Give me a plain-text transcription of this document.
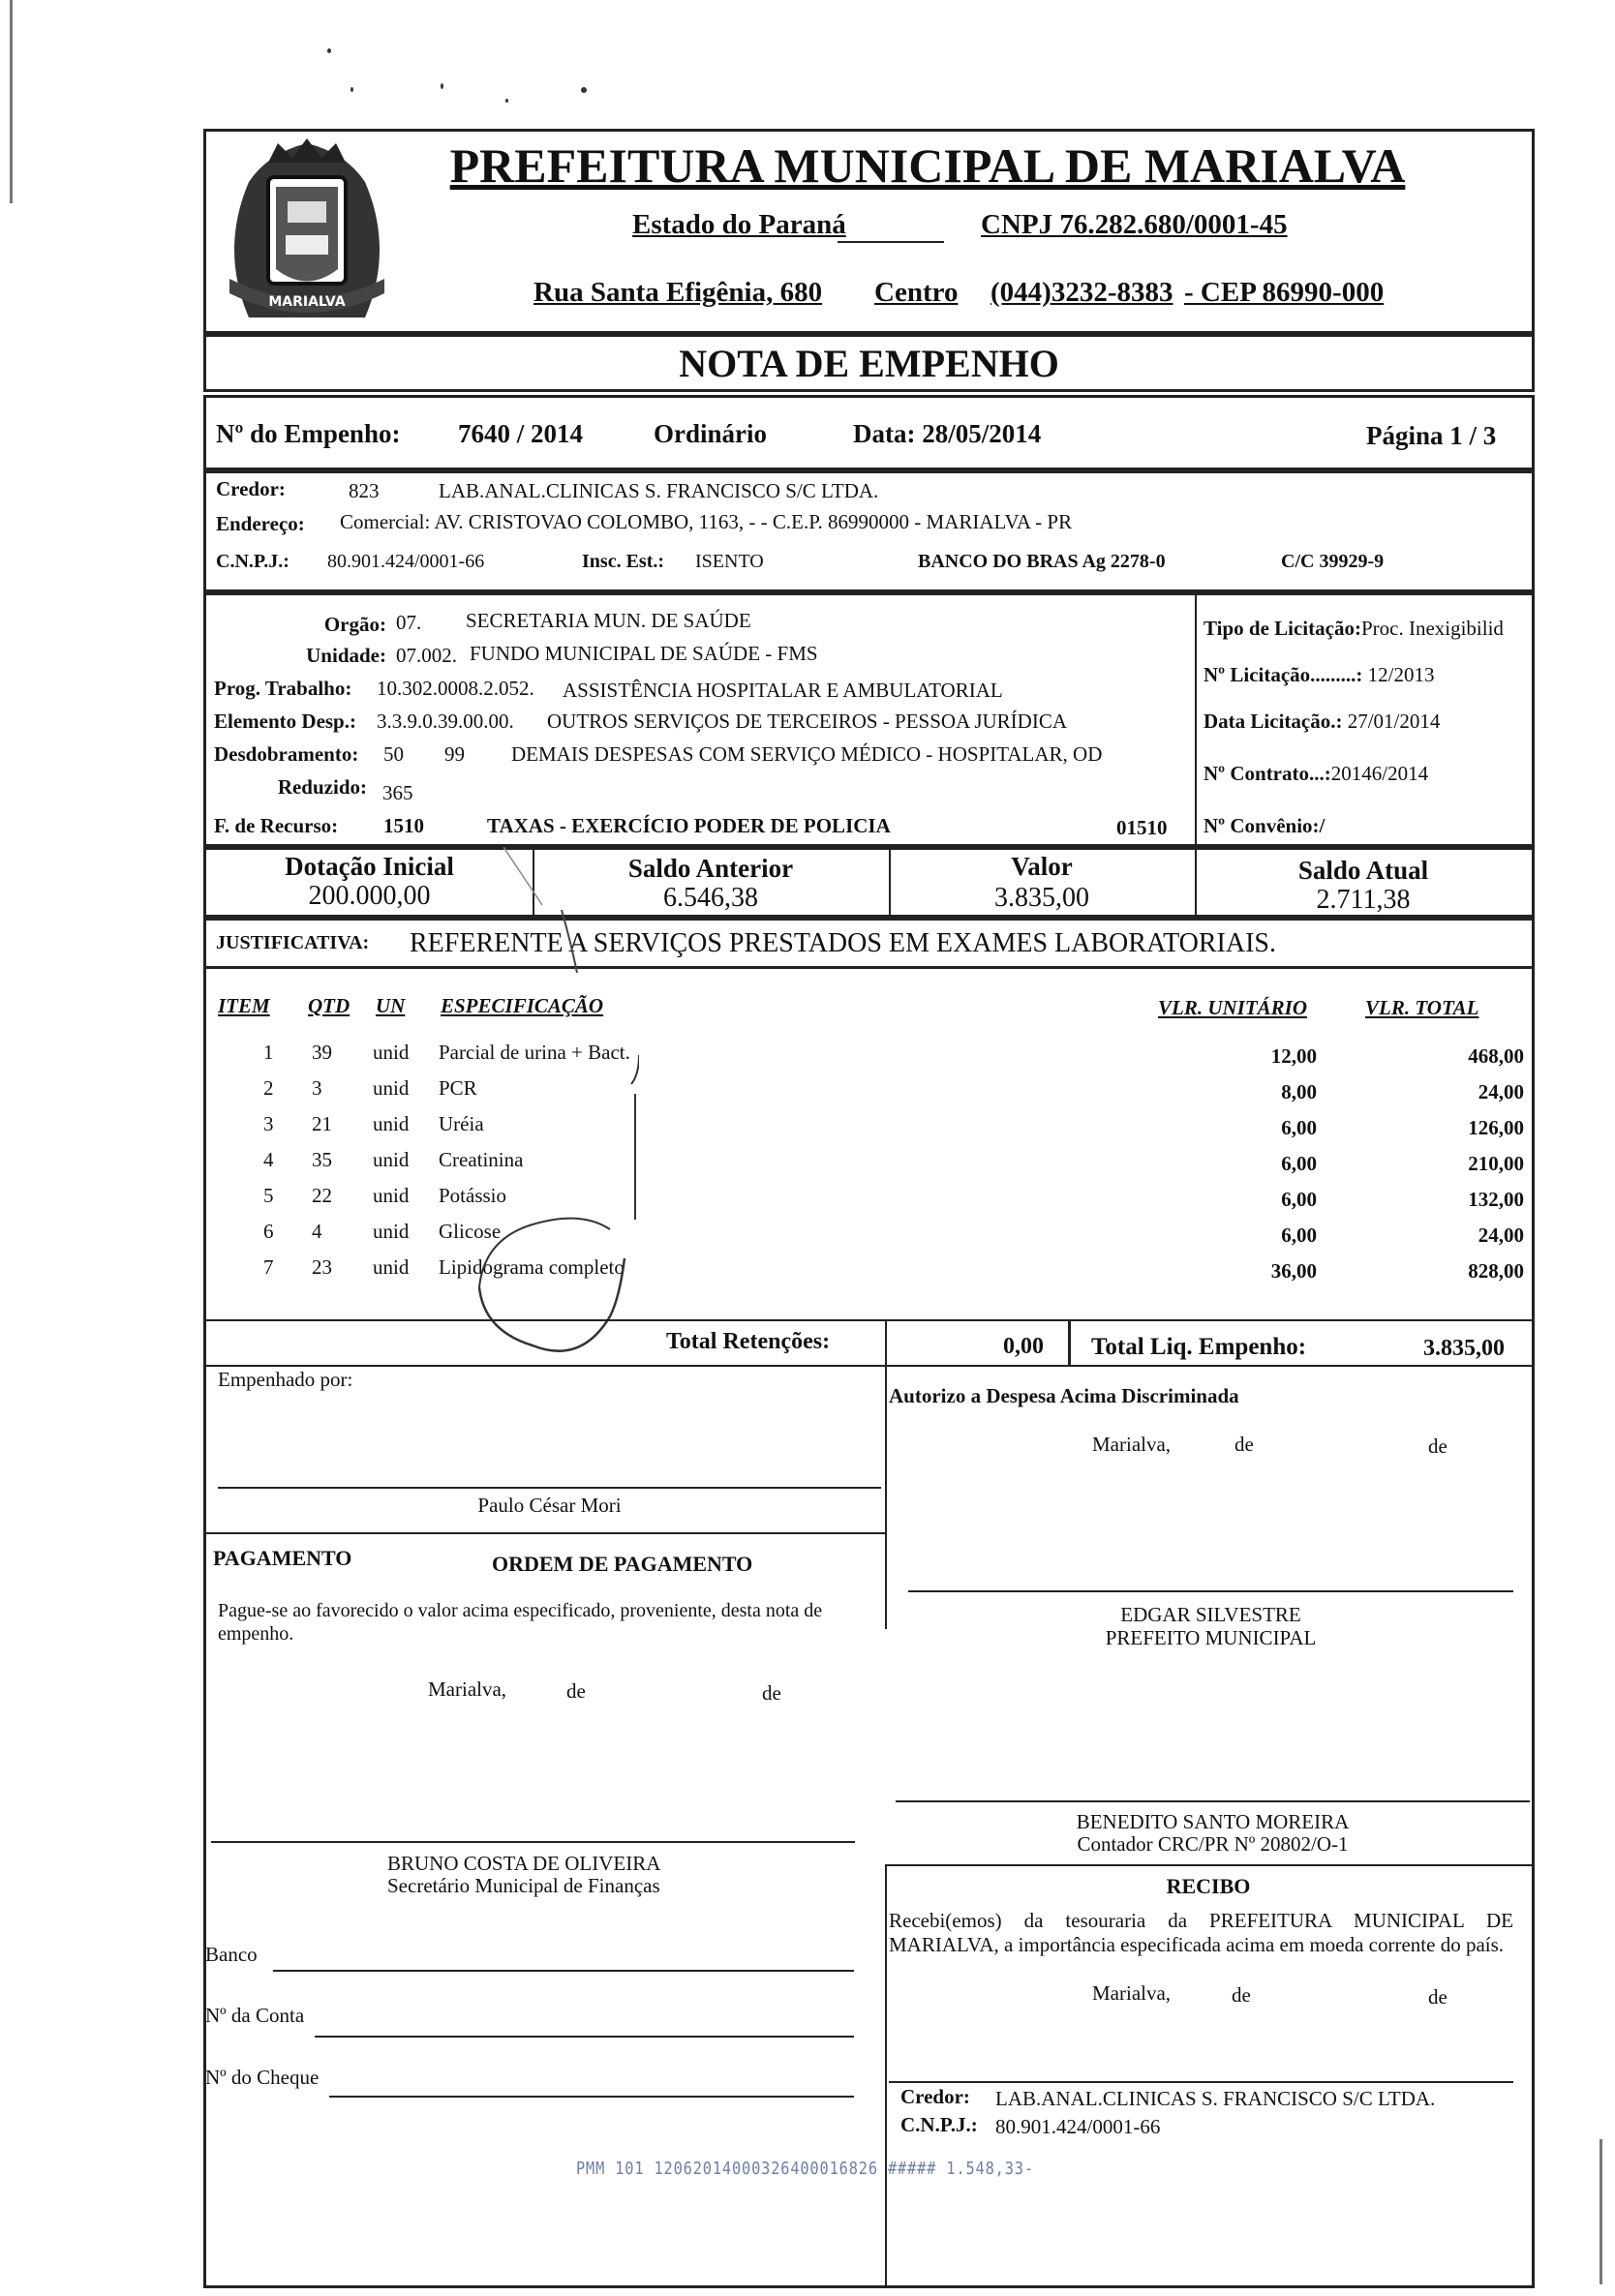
MARIALVA
PREFEITURA MUNICIPAL DE MARIALVA
Estado do Paraná	CNPJ 76.282.680/0001-45
Rua Santa Efigênia, 680 Centro (044)3232-8383 - CEP 86990-000
NOTA DE EMPENHO
Nº do Empenho: 7640 / 2014	Ordinário	Data: 28/05/2014	Página 1 / 3
Credor:	823	LAB.ANAL.CLINICAS S. FRANCISCO S/C LTDA.
Endereço: Comercial: AV. CRISTOVAO COLOMBO, 1163, - - C.E.P. 86990000 - MARIALVA - PR
C.N.P.J.: 80.901.424/0001-66	Insc. Est.: ISENTO	BANCO DO BRAS Ag 2278-0	C/C 39929-9
Orgão: 07. SECRETARIA MUN. DE SAÚDE
Unidade: 07.002. FUNDO MUNICIPAL DE SAÚDE - FMS
Prog. Trabalho: 10.302.0008.2.052. ASSISTÊNCIA HOSPITALAR E AMBULATORIAL
Elemento Desp.: 3.3.9.0.39.00.00. OUTROS SERVIÇOS DE TERCEIROS - PESSOA JURÍDICA
Desdobramento: 50 99 DEMAIS DESPESAS COM SERVIÇO MÉDICO - HOSPITALAR, OD
Reduzido: 365
F. de Recurso: 1510	TAXAS - EXERCÍCIO PODER DE POLICIA	01510
Tipo de Licitação:Proc. Inexigibilid
Nº Licitação.........: 12/2013
Data Licitação.: 27/01/2014
Nº Contrato...:20146/2014
Nº Convênio:/
Dotação Inicial
200.000,00
Saldo Anterior
6.546,38
Valor
3.835,00
Saldo Atual
2.711,38
JUSTIFICATIVA: REFERENTE A SERVIÇOS PRESTADOS EM EXAMES LABORATORIAIS.
ITEM QTD UN ESPECIFICAÇÃO	VLR. UNITÁRIO	VLR. TOTAL
1 39 unid Parcial de urina + Bact.	12,00	468,00
2 3	unid PCR	8,00	24,00
3 21 unid Uréia	6,00	126,00
4 35 unid Creatinina	6,00	210,00
5 22 unid Potássio	6,00	132,00
6 4	unid Glicose	6,00	24,00
7 23 unid Lipidograma completo	36,00	828,00
Total Retenções:	0,00 Total Liq. Empenho:	3.835,00
Empenhado por:
Paulo César Mori
Autorizo a Despesa Acima Discriminada
Marialva,	de	de
PAGAMENTO	ORDEM DE PAGAMENTO
Pague-se ao favorecido o valor acima especificado, proveniente, desta nota de empenho.
Marialva,	de	de
EDGAR SILVESTRE
PREFEITO MUNICIPAL
BENEDITO SANTO MOREIRA
Contador CRC/PR Nº 20802/O-1
BRUNO COSTA DE OLIVEIRA
Secretário Municipal de Finanças	RECIBO
Recebi(emos) da tesouraria da PREFEITURA MUNICIPAL DE MARIALVA, a importância especificada acima em moeda corrente do país.
Marialva,	de	de
Credor: LAB.ANAL.CLINICAS S. FRANCISCO S/C LTDA.
C.N.P.J.: 80.901.424/0001-66
Banco
Nº da Conta
Nº do Cheque
PMM 101 12062014000326400016826 ##### 1.548,33-
